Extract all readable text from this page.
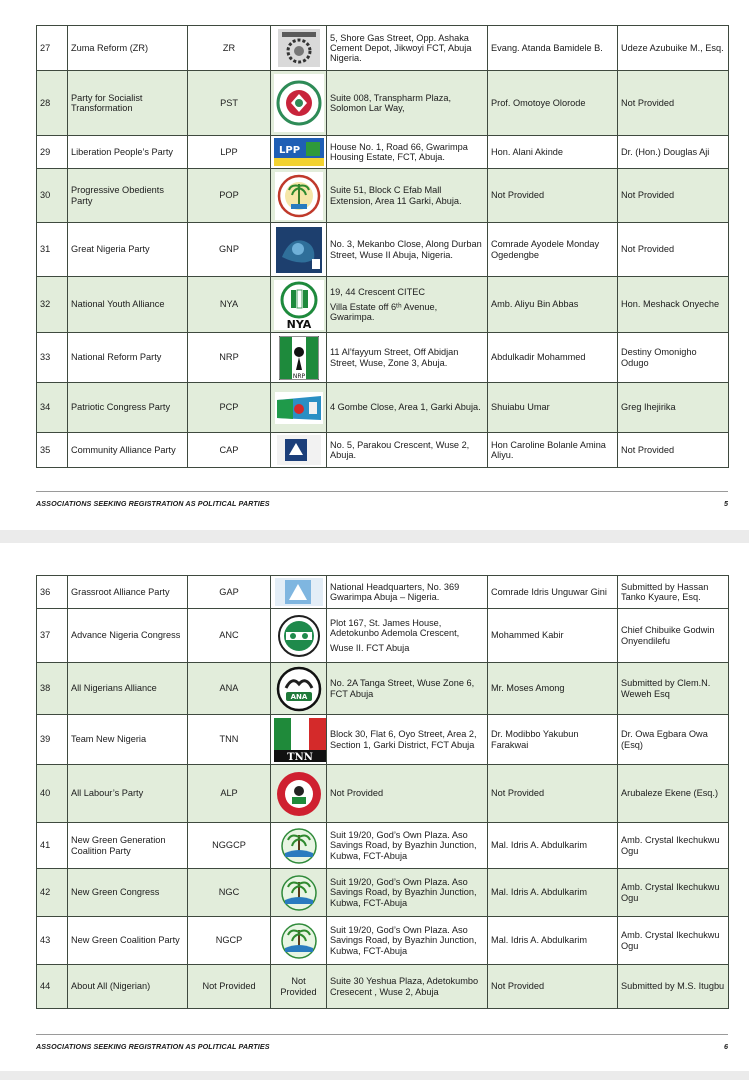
27	Zuma Reform (ZR)	ZR		5, Shore Gas Street, Opp. Ashaka Cement Depot, Jikwoyi FCT, Abuja Nigeria.	Evang. Atanda Bamidele B.	Udeze Azubuike M., Esq.
28	Party for Socialist Transformation	PST		Suite 008, Transpharm Plaza, Solomon Lar Way,	Prof. Omotoye Olorode	Not Provided
29	Liberation People’s Party	LPP	LPP	House No. 1, Road 66, Gwarimpa Housing Estate, FCT, Abuja.	Hon. Alani Akinde	Dr. (Hon.) Douglas Aji
30	Progressive Obedients Party	POP		Suite 51, Block C Efab Mall Extension, Area 11 Garki, Abuja.	Not Provided	Not Provided
31	Great Nigeria Party	GNP		No. 3, Mekanbo Close, Along Durban Street, Wuse II Abuja, Nigeria.	Comrade Ayodele Monday Ogedengbe	Not Provided
32	National Youth Alliance	NYA	NYA	19, 44 Crescent CITEC
Villa Estate off 6ᵗʰ Avenue, Gwarimpa.	Amb. Aliyu Bin Abbas	Hon. Meshack Onyeche
33	National Reform Party	NRP	NRP	11 Al’fayyum Street, Off Abidjan Street, Wuse, Zone 3, Abuja.	Abdulkadir Mohammed	Destiny Omonigho Odugo
34	Patriotic Congress Party	PCP		4 Gombe Close, Area 1, Garki Abuja.	Shuiabu Umar	Greg Ihejirika
35	Community Alliance Party	CAP		No. 5, Parakou Crescent, Wuse 2, Abuja.	Hon Caroline Bolanle Amina Aliyu.	Not Provided
ASSOCIATIONS SEEKING REGISTRATION AS POLITICAL PARTIES	5
36	Grassroot Alliance Party	GAP		National Headquarters, No. 369 Gwarimpa Abuja – Nigeria.	Comrade Idris Unguwar Gini	Submitted by Hassan Tanko Kyaure, Esq.
37	Advance Nigeria Congress	ANC		Plot 167, St. James House, Adetokunbo Ademola Crescent,
Wuse II. FCT Abuja	Mohammed Kabir	Chief Chibuike Godwin Onyendilefu
38	All Nigerians Alliance	ANA	ANA	No. 2A Tanga Street, Wuse Zone 6, FCT Abuja	Mr. Moses Among	Submitted by Clem.N. Weweh Esq
39	Team New Nigeria	TNN	TNN	Block 30, Flat 6, Oyo Street, Area 2, Section 1, Garki District, FCT Abuja	Dr. Modibbo Yakubun Farakwai	Dr. Owa Egbara Owa (Esq)
40	All Labour’s Party	ALP		Not Provided	Not Provided	Arubaleze Ekene (Esq.)
41	New Green Generation Coalition Party	NGGCP		Suit 19/20, God’s Own Plaza. Aso Savings Road, by Byazhin Junction, Kubwa, FCT-Abuja	Mal. Idris A. Abdulkarim	Amb. Crystal Ikechukwu Ogu
42	New Green Congress	NGC		Suit 19/20, God’s Own Plaza. Aso Savings Road, by Byazhin Junction, Kubwa, FCT-Abuja	Mal. Idris A. Abdulkarim	Amb. Crystal Ikechukwu Ogu
43	New Green Coalition Party	NGCP		Suit 19/20, God’s Own Plaza. Aso Savings Road, by Byazhin Junction, Kubwa, FCT-Abuja	Mal. Idris A. Abdulkarim	Amb. Crystal Ikechukwu Ogu
44	About All (Nigerian)	Not Provided	Not Provided	Suite 30 Yeshua Plaza, Adetokumbo Cresecent , Wuse 2, Abuja	Not Provided	Submitted by M.S. Itugbu
ASSOCIATIONS SEEKING REGISTRATION AS POLITICAL PARTIES	6
